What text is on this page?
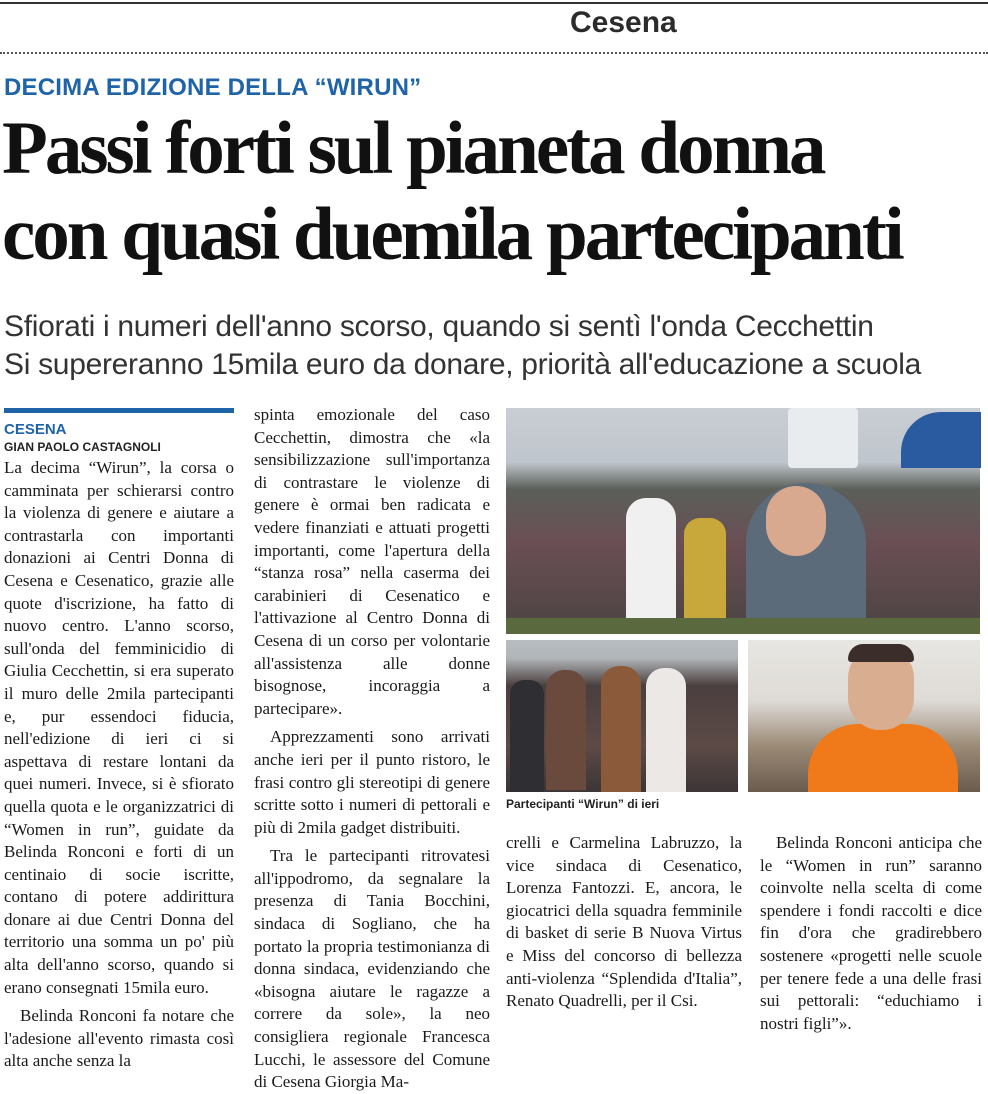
Cesena
DECIMA EDIZIONE DELLA “WIRUN”
Passi forti sul pianeta donna
con quasi duemila partecipanti
Sfiorati i numeri dell'anno scorso, quando si sentì l'onda Cecchettin
Si supereranno 15mila euro da donare, priorità all'educazione a scuola
CESENA
GIAN PAOLO CASTAGNOLI

La decima “Wirun”, la corsa o camminata per schierarsi contro la violenza di genere e aiutare a contrastarla con importanti donazioni ai Centri Donna di Cesena e Cesenatico, grazie alle quote d'iscrizione, ha fatto di nuovo centro. L'anno scorso, sull'onda del femminicidio di Giulia Cecchettin, si era superato il muro delle 2mila partecipanti e, pur essendoci fiducia, nell'edizione di ieri ci si aspettava di restare lontani da quei numeri. Invece, si è sfiorato quella quota e le organizzatrici di “Women in run”, guidate da Belinda Ronconi e forti di un centinaio di socie iscritte, contano di potere addirittura donare ai due Centri Donna del territorio una somma un po' più alta dell'anno scorso, quando si erano consegnati 15mila euro.

Belinda Ronconi fa notare che l'adesione all'evento rimasta così alta anche senza la

spinta emozionale del caso Cecchettin, dimostra che «la sensibilizzazione sull'importanza di contrastare le violenze di genere è ormai ben radicata e vedere finanziati e attuati progetti importanti, come l'apertura della “stanza rosa” nella caserma dei carabinieri di Cesenatico e l'attivazione al Centro Donna di Cesena di un corso per volontarie all'assistenza alle donne bisognose, incoraggia a partecipare».

Apprezzamenti sono arrivati anche ieri per il punto ristoro, le frasi contro gli stereotipi di genere scritte sotto i numeri di pettorali e più di 2mila gadget distribuiti.

Tra le partecipanti ritrovatesi all'ippodromo, da segnalare la presenza di Tania Bocchini, sindaca di Sogliano, che ha portato la propria testimonianza di donna sindaca, evidenziando che «bisogna aiutare le ragazze a correre da sole», la neo consigliera regionale Francesca Lucchi, le assessore del Comune di Cesena Giorgia Ma-

Partecipanti “Wirun” di ieri

crelli e Carmelina Labruzzo, la vice sindaca di Cesenatico, Lorenza Fantozzi. E, ancora, le giocatrici della squadra femminile di basket di serie B Nuova Virtus e Miss del concorso di bellezza anti-violenza “Splendida d'Italia”, Renato Quadrelli, per il Csi.

Belinda Ronconi anticipa che le “Women in run” saranno coinvolte nella scelta di come spendere i fondi raccolti e dice fin d'ora che gradirebbero sostenere «progetti nelle scuole per tenere fede a una delle frasi sui pettorali: “educhiamo i nostri figli”».
